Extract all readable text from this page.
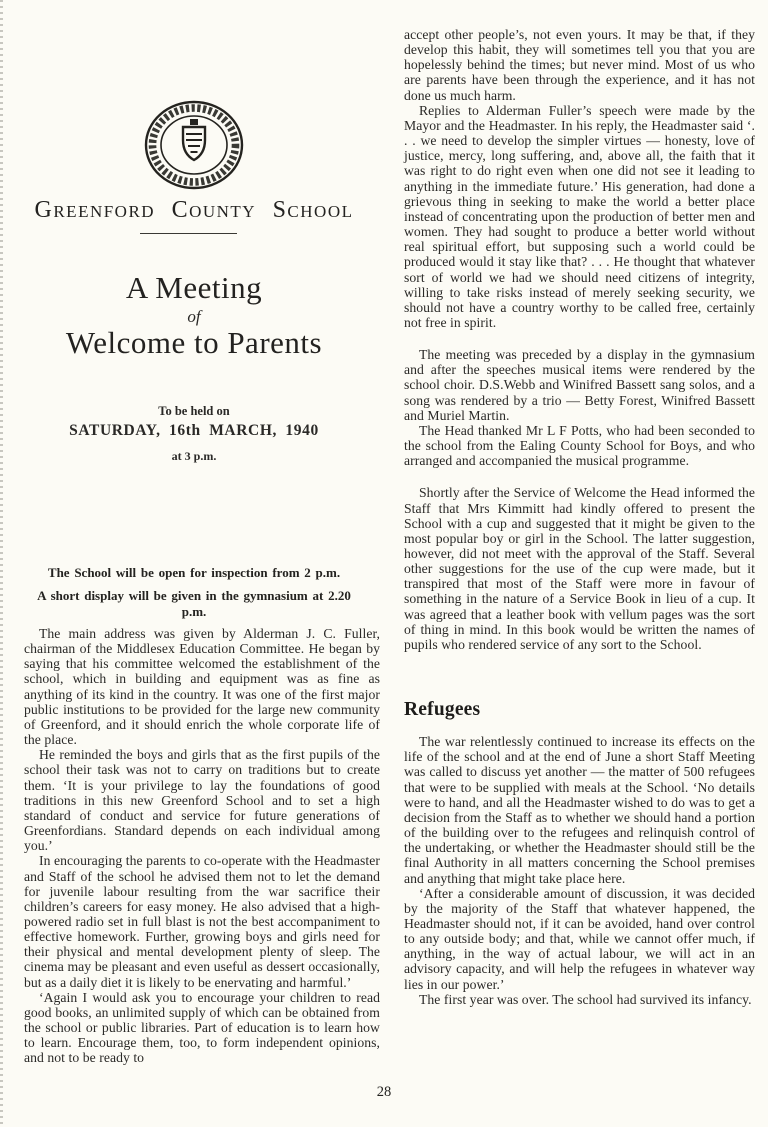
Greenford County School
A Meeting
of
Welcome to Parents
To be held on
SATURDAY, 16th MARCH, 1940
at 3 p.m.
The School will be open for inspection from 2 p.m.
A short display will be given in the gymnasium at 2.20 p.m.

The main address was given by Alderman J. C. Fuller, chairman of the Middlesex Education Committee. He began by saying that his committee welcomed the establishment of the school, which in building and equipment was as fine as anything of its kind in the country. It was one of the first major public institutions to be provided for the large new community of Greenford, and it should enrich the whole corporate life of the place.

He reminded the boys and girls that as the first pupils of the school their task was not to carry on traditions but to create them. ‘It is your privilege to lay the foundations of good traditions in this new Greenford School and to set a high standard of conduct and service for future generations of Greenfordians. Standard depends on each individual among you.’

In encouraging the parents to co-operate with the Headmaster and Staff of the school he advised them not to let the demand for juvenile labour resulting from the war sacrifice their children’s careers for easy money. He also advised that a high-powered radio set in full blast is not the best accompaniment to effective homework. Further, growing boys and girls need for their physical and mental development plenty of sleep. The cinema may be pleasant and even useful as dessert occasionally, but as a daily diet it is likely to be enervating and harmful.’

‘Again I would ask you to encourage your children to read good books, an unlimited supply of which can be obtained from the school or public libraries. Part of education is to learn how to learn. Encourage them, too, to form independent opinions, and not to be ready to

accept other people’s, not even yours. It may be that, if they develop this habit, they will sometimes tell you that you are hopelessly behind the times; but never mind. Most of us who are parents have been through the experience, and it has not done us much harm.

Replies to Alderman Fuller’s speech were made by the Mayor and the Headmaster. In his reply, the Headmaster said ‘. . . we need to develop the simpler virtues — honesty, love of justice, mercy, long suffering, and, above all, the faith that it was right to do right even when one did not see it leading to anything in the immediate future.’ His generation, had done a grievous thing in seeking to make the world a better place instead of concentrating upon the production of better men and women. They had sought to produce a better world without real spiritual effort, but supposing such a world could be produced would it stay like that? . . . He thought that whatever sort of world we had we should need citizens of integrity, willing to take risks instead of merely seeking security, we should not have a country worthy to be called free, certainly not free in spirit.

The meeting was preceded by a display in the gymnasium and after the speeches musical items were rendered by the school choir. D.S.Webb and Winifred Bassett sang solos, and a song was rendered by a trio — Betty Forest, Winifred Bassett and Muriel Martin.

The Head thanked Mr L F Potts, who had been seconded to the school from the Ealing County School for Boys, and who arranged and accompanied the musical programme.

Shortly after the Service of Welcome the Head informed the Staff that Mrs Kimmitt had kindly offered to present the School with a cup and suggested that it might be given to the most popular boy or girl in the School. The latter suggestion, however, did not meet with the approval of the Staff. Several other suggestions for the use of the cup were made, but it transpired that most of the Staff were more in favour of something in the nature of a Service Book in lieu of a cup. It was agreed that a leather book with vellum pages was the sort of thing in mind. In this book would be written the names of pupils who rendered service of any sort to the School.

Refugees

The war relentlessly continued to increase its effects on the life of the school and at the end of June a short Staff Meeting was called to discuss yet another — the matter of 500 refugees that were to be supplied with meals at the School. ‘No details were to hand, and all the Headmaster wished to do was to get a decision from the Staff as to whether we should hand a portion of the building over to the refugees and relinquish control of the undertaking, or whether the Headmaster should still be the final Authority in all matters concerning the School premises and anything that might take place here.

‘After a considerable amount of discussion, it was decided by the majority of the Staff that whatever happened, the Headmaster should not, if it can be avoided, hand over control to any outside body; and that, while we cannot offer much, if anything, in the way of actual labour, we will act in an advisory capacity, and will help the refugees in whatever way lies in our power.’

The first year was over. The school had survived its infancy.

28
